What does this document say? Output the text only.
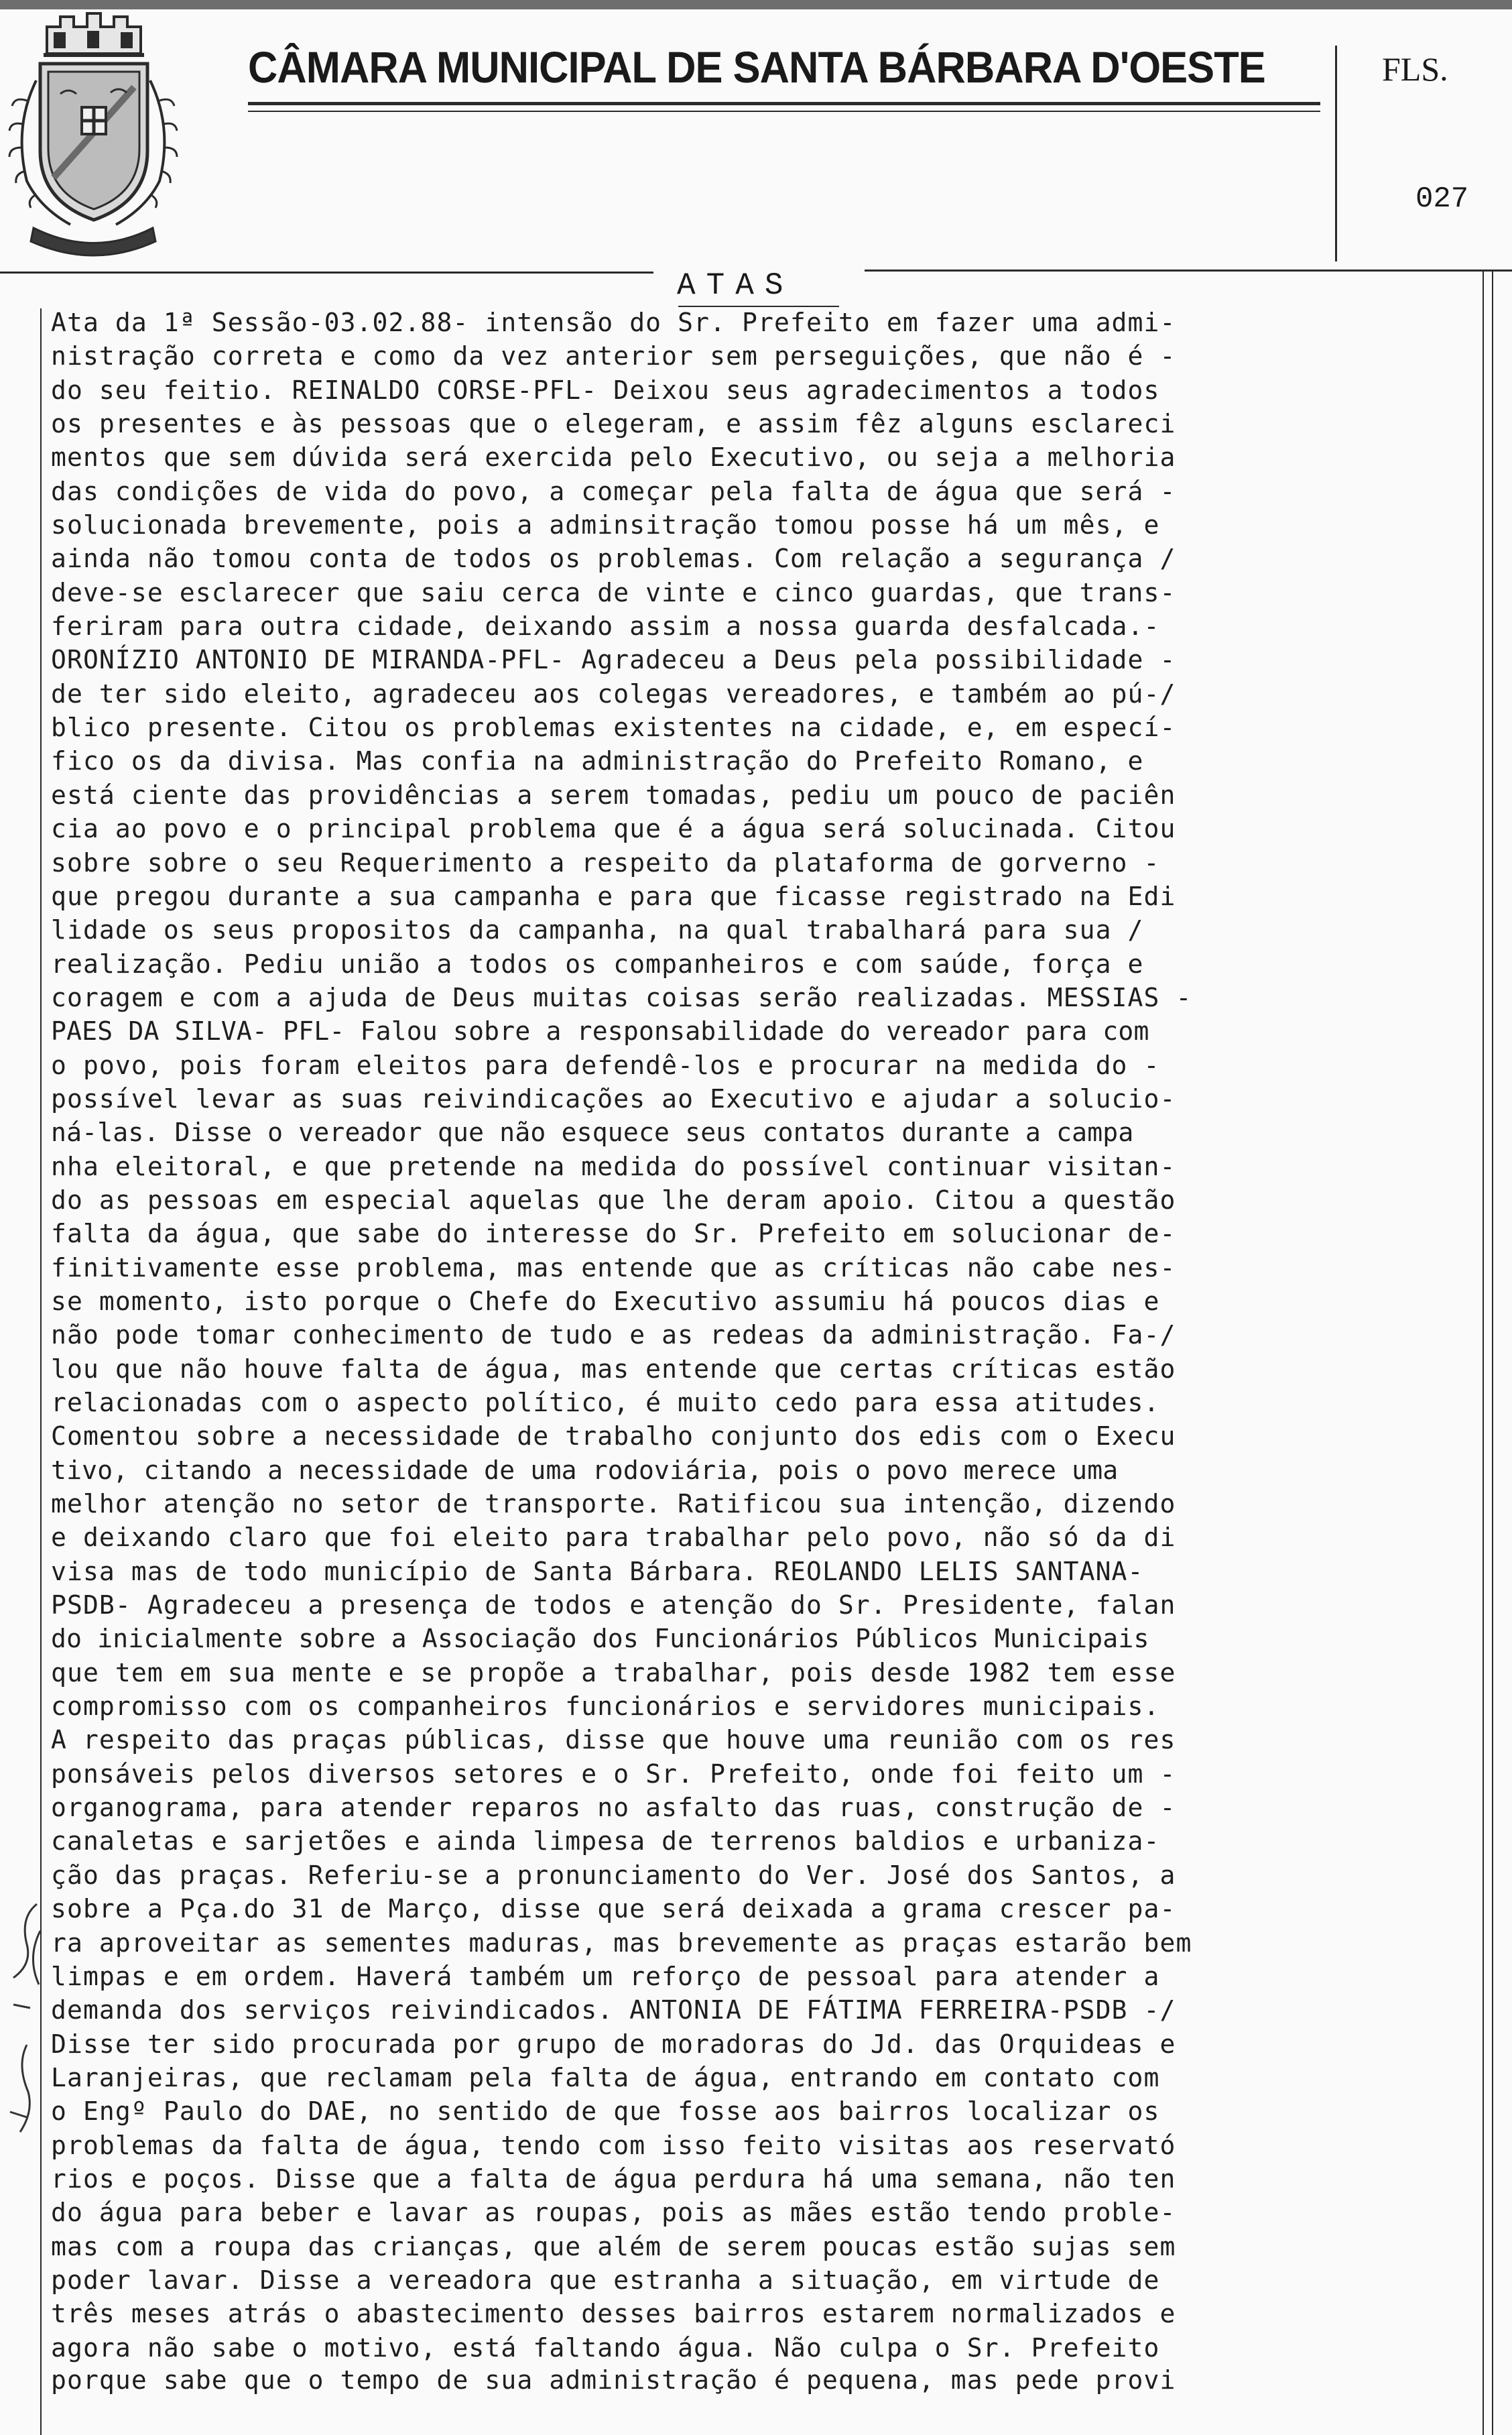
CÂMARA MUNICIPAL DE SANTA BÁRBARA D'OESTE	FLS.
027
ATAS
Ata da 1ª Sessão-03.02.88- intensão do Sr. Prefeito em fazer uma admi-
nistração correta e como da vez anterior sem perseguições, que não é -
do seu feitio. REINALDO CORSE-PFL- Deixou seus agradecimentos a todos
os presentes e às pessoas que o elegeram, e assim fêz alguns esclareci
mentos que sem dúvida será exercida pelo Executivo, ou seja a melhoria
das condições de vida do povo, a começar pela falta de água que será -
solucionada brevemente, pois a adminsitração tomou posse há um mês, e
ainda não tomou conta de todos os problemas. Com relação a segurança /
deve-se esclarecer que saiu cerca de vinte e cinco guardas, que trans-
feriram para outra cidade, deixando assim a nossa guarda desfalcada.-
ORONÍZIO ANTONIO DE MIRANDA-PFL- Agradeceu a Deus pela possibilidade -
de ter sido eleito, agradeceu aos colegas vereadores, e também ao pú-/
blico presente. Citou os problemas existentes na cidade, e, em especí-
fico os da divisa. Mas confia na administração do Prefeito Romano, e
está ciente das providências a serem tomadas, pediu um pouco de paciên
cia ao povo e o principal problema que é a água será solucinada. Citou
sobre sobre o seu Requerimento a respeito da plataforma de gorverno -
que pregou durante a sua campanha e para que ficasse registrado na Edi
lidade os seus propositos da campanha, na qual trabalhará para sua /
realização. Pediu união a todos os companheiros e com saúde, força e
coragem e com a ajuda de Deus muitas coisas serão realizadas. MESSIAS -
PAES DA SILVA- PFL- Falou sobre a responsabilidade do vereador para com
o povo, pois foram eleitos para defendê-los e procurar na medida do -
possível levar as suas reivindicações ao Executivo e ajudar a solucio-
ná-las. Disse o vereador que não esquece seus contatos durante a campa
nha eleitoral, e que pretende na medida do possível continuar visitan-
do as pessoas em especial aquelas que lhe deram apoio. Citou a questão
falta da água, que sabe do interesse do Sr. Prefeito em solucionar de-
finitivamente esse problema, mas entende que as críticas não cabe nes-
se momento, isto porque o Chefe do Executivo assumiu há poucos dias e
não pode tomar conhecimento de tudo e as redeas da administração. Fa-/
lou que não houve falta de água, mas entende que certas críticas estão
relacionadas com o aspecto político, é muito cedo para essa atitudes.
Comentou sobre a necessidade de trabalho conjunto dos edis com o Execu
tivo, citando a necessidade de uma rodoviária, pois o povo merece uma
melhor atenção no setor de transporte. Ratificou sua intenção, dizendo
e deixando claro que foi eleito para trabalhar pelo povo, não só da di
visa mas de todo município de Santa Bárbara. REOLANDO LELIS SANTANA-
PSDB- Agradeceu a presença de todos e atenção do Sr. Presidente, falan
do inicialmente sobre a Associação dos Funcionários Públicos Municipais
que tem em sua mente e se propõe a trabalhar, pois desde 1982 tem esse
compromisso com os companheiros funcionários e servidores municipais.
A respeito das praças públicas, disse que houve uma reunião com os res
ponsáveis pelos diversos setores e o Sr. Prefeito, onde foi feito um -
organograma, para atender reparos no asfalto das ruas, construção de -
canaletas e sarjetões e ainda limpesa de terrenos baldios e urbaniza-
ção das praças. Referiu-se a pronunciamento do Ver. José dos Santos, a
sobre a Pça.do 31 de Março, disse que será deixada a grama crescer pa-
ra aproveitar as sementes maduras, mas brevemente as praças estarão bem
limpas e em ordem. Haverá também um reforço de pessoal para atender a
demanda dos serviços reivindicados. ANTONIA DE FÁTIMA FERREIRA-PSDB -/
Disse ter sido procurada por grupo de moradoras do Jd. das Orquideas e
Laranjeiras, que reclamam pela falta de água, entrando em contato com
o Engº Paulo do DAE, no sentido de que fosse aos bairros localizar os
problemas da falta de água, tendo com isso feito visitas aos reservató
rios e poços. Disse que a falta de água perdura há uma semana, não ten
do água para beber e lavar as roupas, pois as mães estão tendo proble-
mas com a roupa das crianças, que além de serem poucas estão sujas sem
poder lavar. Disse a vereadora que estranha a situação, em virtude de
três meses atrás o abastecimento desses bairros estarem normalizados e
agora não sabe o motivo, está faltando água. Não culpa o Sr. Prefeito
porque sabe que o tempo de sua administração é pequena, mas pede provi
